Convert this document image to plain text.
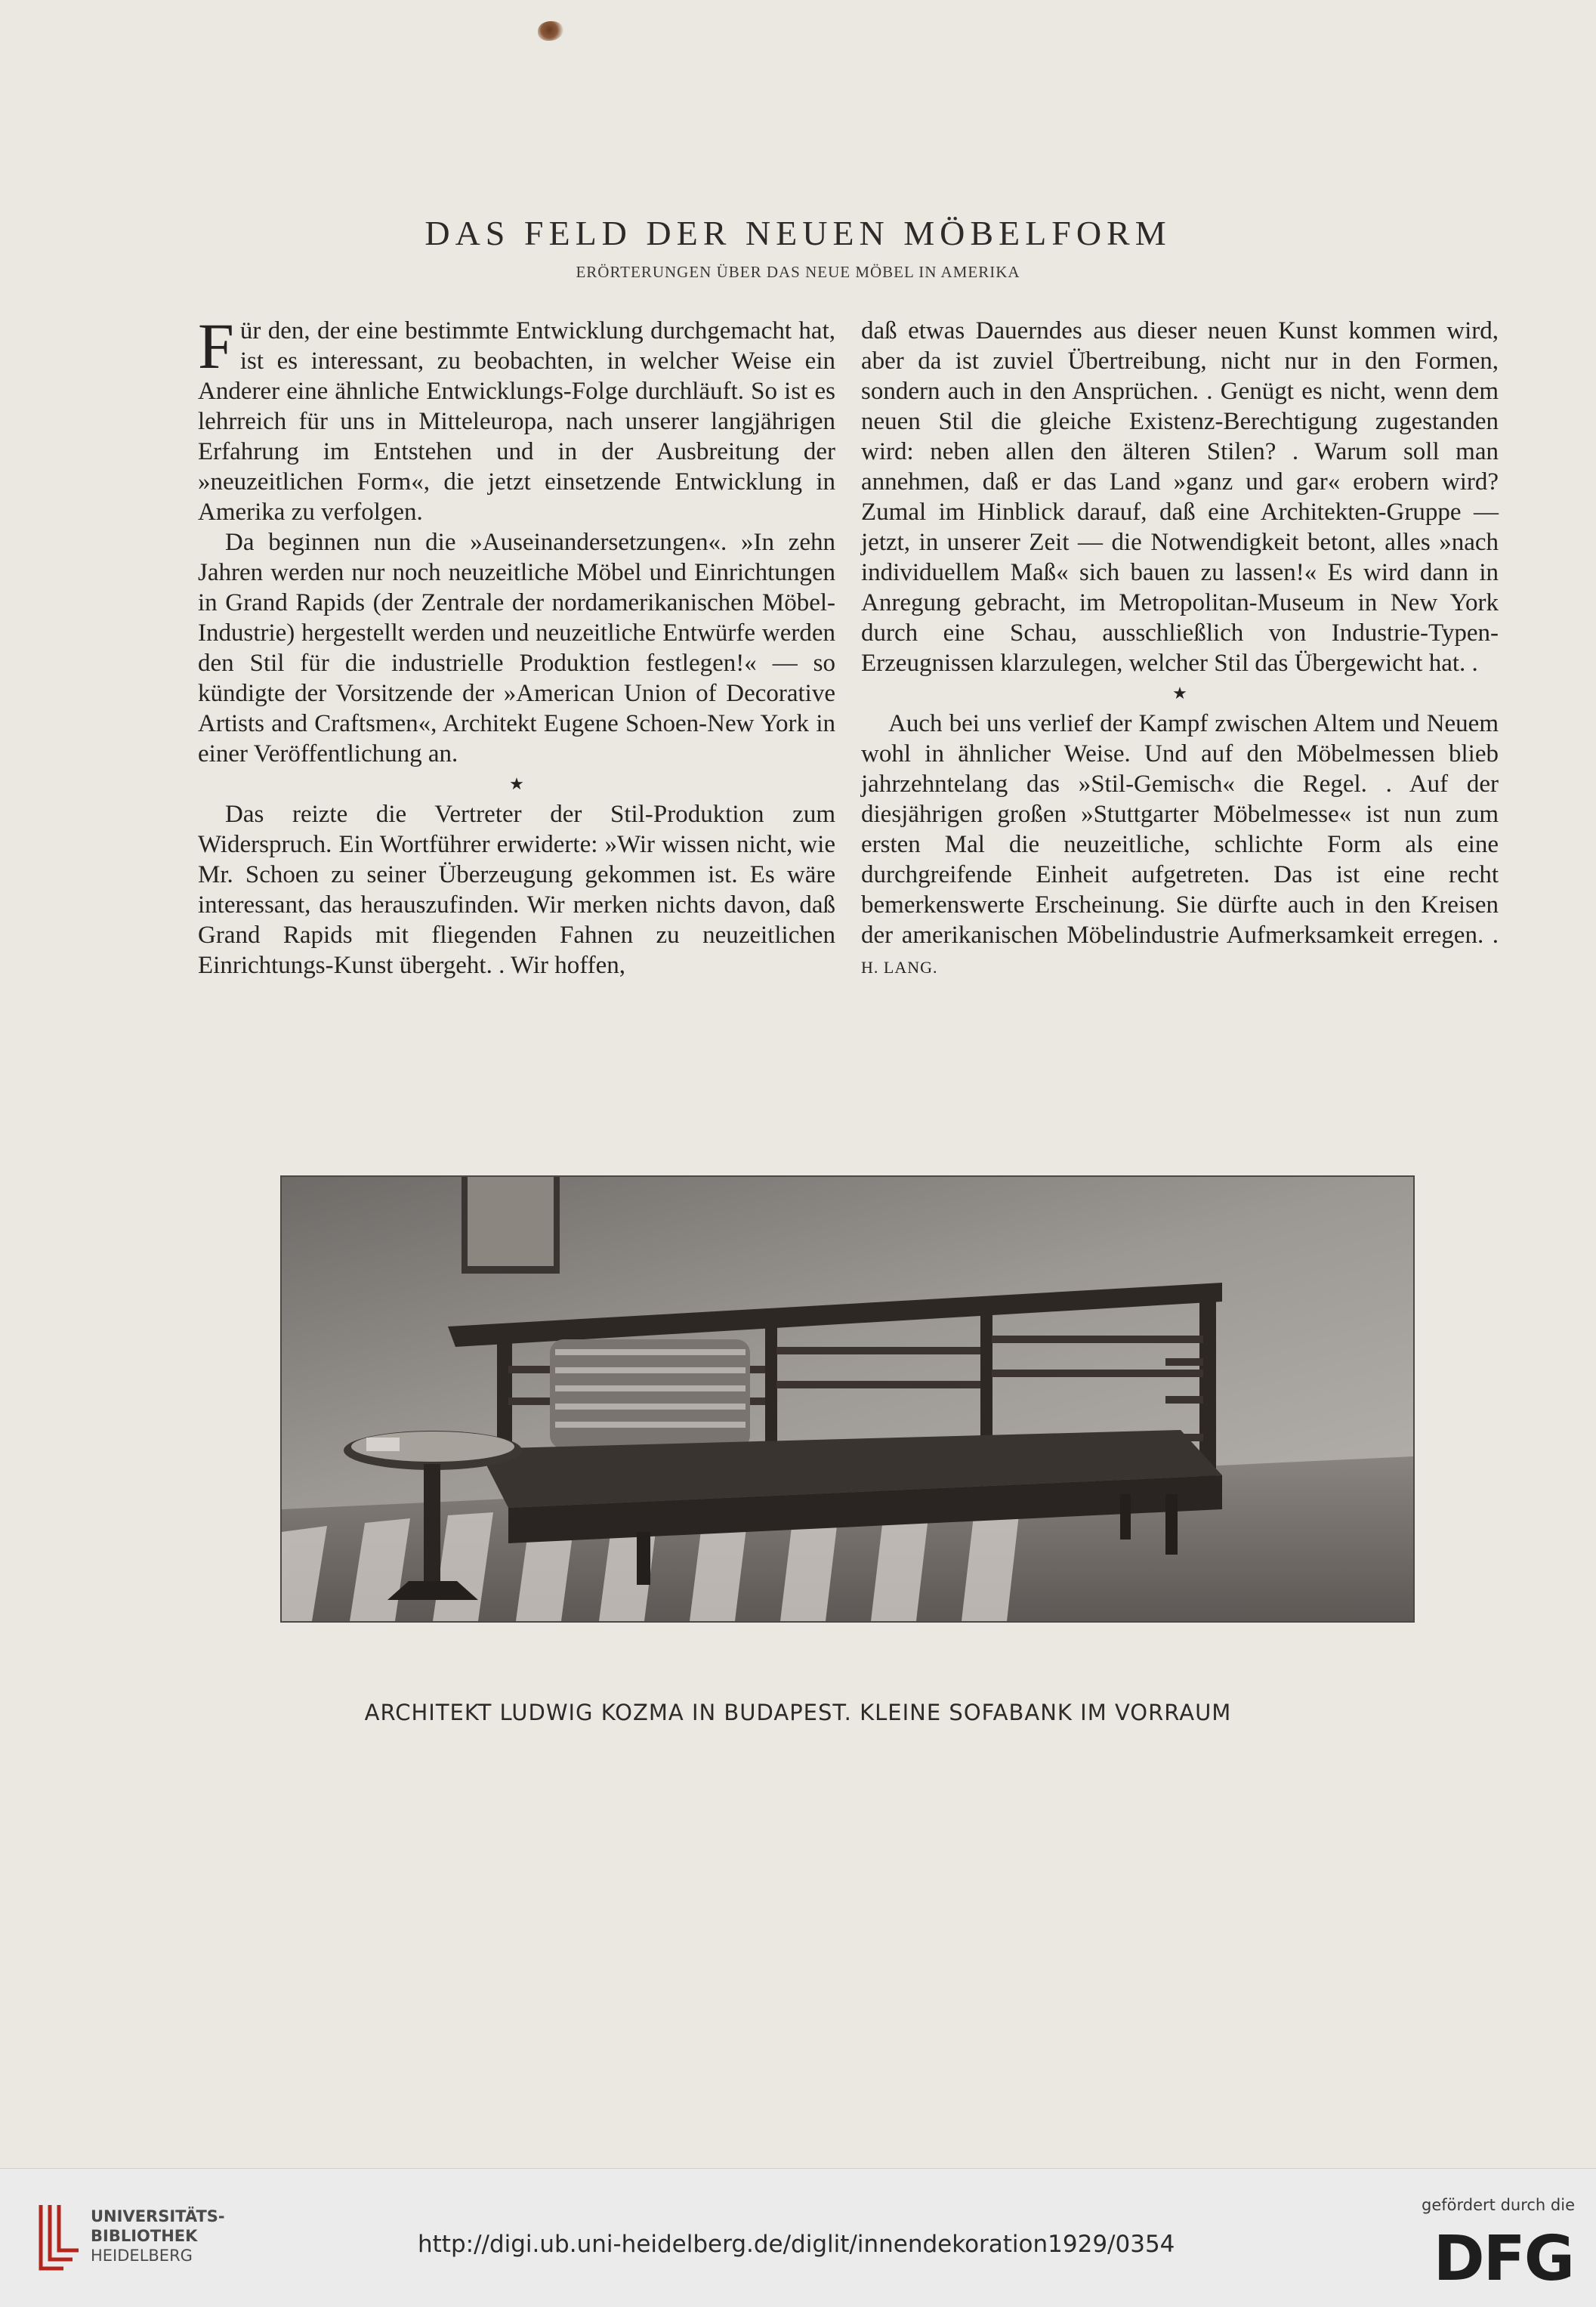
DAS FELD DER NEUEN MÖBELFORM
ERÖRTERUNGEN ÜBER DAS NEUE MÖBEL IN AMERIKA

Für den, der eine bestimmte Entwicklung durchgemacht hat, ist es interessant, zu beobachten, in welcher Weise ein Anderer eine ähnliche Entwicklungs-Folge durchläuft. So ist es lehrreich für uns in Mitteleuropa, nach unserer langjährigen Erfahrung im Entstehen und in der Ausbreitung der »neuzeitlichen Form«, die jetzt einsetzende Entwicklung in Amerika zu verfolgen.

Da beginnen nun die »Auseinandersetzungen«. »In zehn Jahren werden nur noch neuzeitliche Möbel und Einrichtungen in Grand Rapids (der Zentrale der nordamerikanischen Möbel-Industrie) hergestellt werden und neuzeitliche Entwürfe werden den Stil für die industrielle Produktion festlegen!« — so kündigte der Vorsitzende der »American Union of Decorative Artists and Craftsmen«, Architekt Eugene Schoen-New York in einer Veröffentlichung an.

★

Das reizte die Vertreter der Stil-Produktion zum Widerspruch. Ein Wortführer erwiderte: »Wir wissen nicht, wie Mr. Schoen zu seiner Überzeugung gekommen ist. Es wäre interessant, das herauszufinden. Wir merken nichts davon, daß Grand Rapids mit fliegenden Fahnen zu neuzeitlichen Einrichtungs-Kunst übergeht. . Wir hoffen,

daß etwas Dauerndes aus dieser neuen Kunst kommen wird, aber da ist zuviel Übertreibung, nicht nur in den Formen, sondern auch in den Ansprüchen. . Genügt es nicht, wenn dem neuen Stil die gleiche Existenz-Berechtigung zugestanden wird: neben allen den älteren Stilen? . Warum soll man annehmen, daß er das Land »ganz und gar« erobern wird? Zumal im Hinblick darauf, daß eine Architekten-Gruppe — jetzt, in unserer Zeit — die Notwendigkeit betont, alles »nach individuellem Maß« sich bauen zu lassen!« Es wird dann in Anregung gebracht, im Metropolitan-Museum in New York durch eine Schau, ausschließlich von Industrie-Typen-Erzeugnissen klarzulegen, welcher Stil das Übergewicht hat. .

★

Auch bei uns verlief der Kampf zwischen Altem und Neuem wohl in ähnlicher Weise. Und auf den Möbelmessen blieb jahrzehntelang das »Stil-Gemisch« die Regel. . Auf der diesjährigen großen »Stuttgarter Möbelmesse« ist nun zum ersten Mal die neuzeitliche, schlichte Form als eine durchgreifende Einheit aufgetreten. Das ist eine recht bemerkenswerte Erscheinung. Sie dürfte auch in den Kreisen der amerikanischen Möbelindustrie Aufmerksamkeit erregen. . H. LANG.

ARCHITEKT LUDWIG KOZMA IN BUDAPEST. KLEINE SOFABANK IM VORRAUM
UNIVERSITÄTS-
BIBLIOTHEK
HEIDELBERG	http://digi.ub.uni-heidelberg.de/diglit/innendekoration1929/0354
gefördert durch die
DFG
